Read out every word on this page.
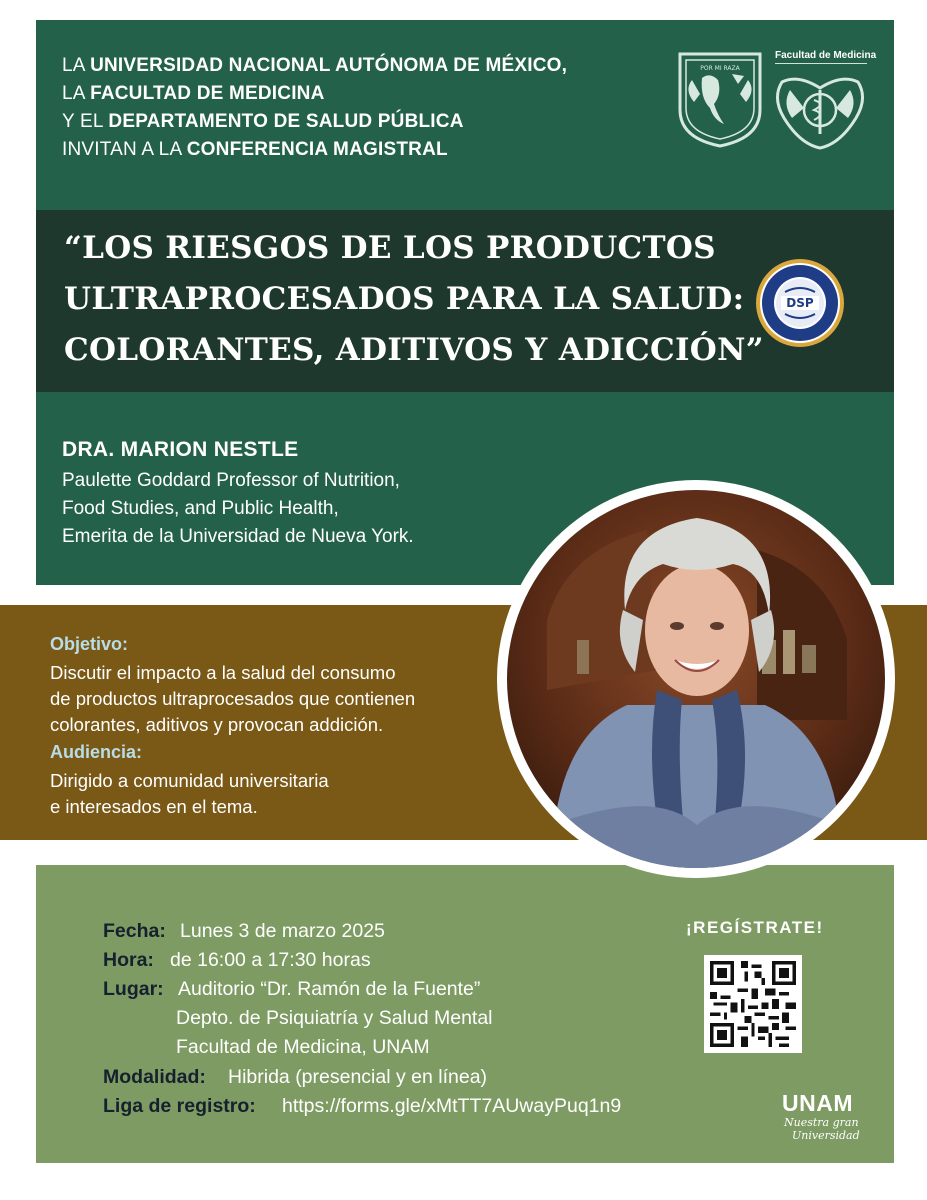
LA UNIVERSIDAD NACIONAL AUTÓNOMA DE MÉXICO,
LA FACULTAD DE MEDICINA
Y EL DEPARTAMENTO DE SALUD PÚBLICA
INVITAN A LA CONFERENCIA MAGISTRAL
POR MI RAZA
Facultad de Medicina
“LOS RIESGOS DE LOS PRODUCTOS
ULTRAPROCESADOS PARA LA SALUD:
COLORANTES, ADITIVOS Y ADICCIÓN”
DSP
DRA. MARION NESTLE
Paulette Goddard Professor of Nutrition,
Food Studies, and Public Health,
Emerita de la Universidad de Nueva York.
Objetivo:
Discutir el impacto a la salud del consumo
de productos ultraprocesados que contienen
colorantes, aditivos y provocan addición.
Audiencia:
Dirigido a comunidad universitaria
e interesados en el tema.
Fecha: Lunes 3 de marzo 2025
Hora: de 16:00 a 17:30 horas
Lugar: Auditorio “Dr. Ramón de la Fuente”
Depto. de Psiquiatría y Salud Mental
Facultad de Medicina, UNAM
Modalidad: Hibrida (presencial y en línea)
Liga de registro: https://forms.gle/xMtTT7AUwayPuq1n9
¡REGÍSTRATE!
UNAM
Nuestra gran
Universidad
